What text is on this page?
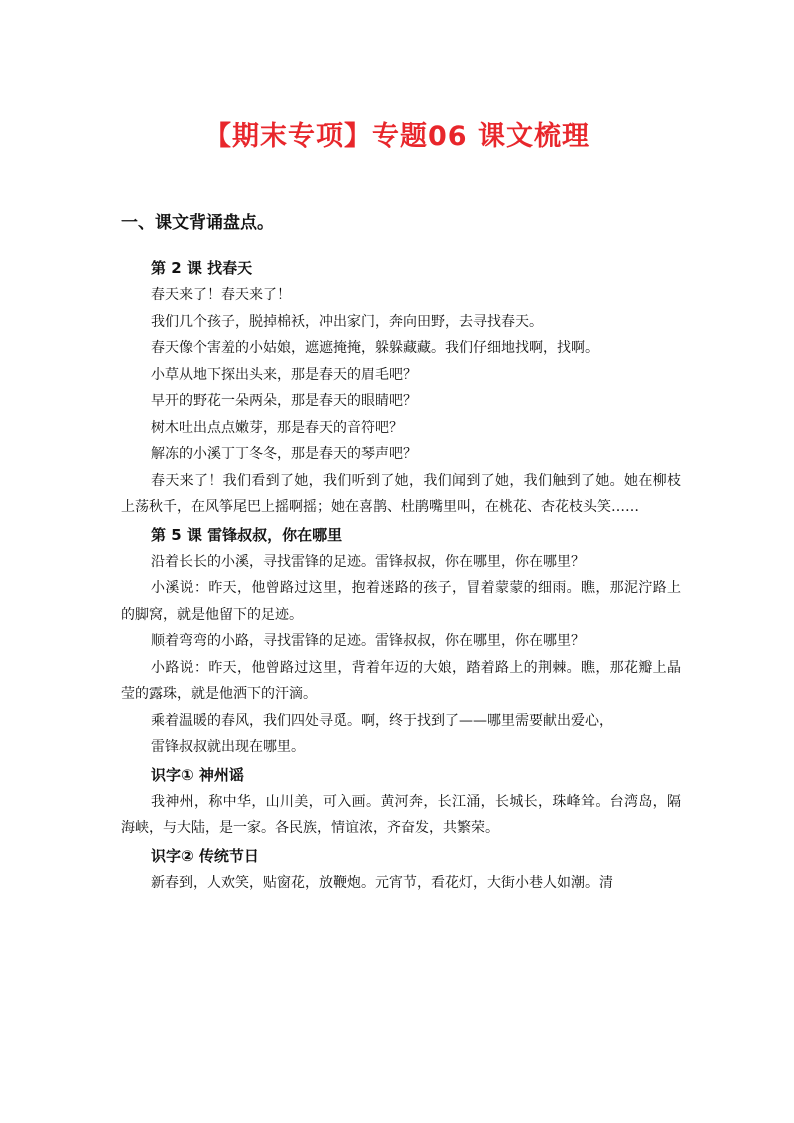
【期末专项】专题06 课文梳理
一、课文背诵盘点。
第 2 课 找春天

春天来了！春天来了！

我们几个孩子，脱掉棉袄，冲出家门，奔向田野，去寻找春天。

春天像个害羞的小姑娘，遮遮掩掩，躲躲藏藏。我们仔细地找啊，找啊。

小草从地下探出头来，那是春天的眉毛吧？

早开的野花一朵两朵，那是春天的眼睛吧？

树木吐出点点嫩芽，那是春天的音符吧？

解冻的小溪丁丁冬冬，那是春天的琴声吧？

春天来了！我们看到了她，我们听到了她，我们闻到了她，我们触到了她。她在柳枝上荡秋千，在风筝尾巴上摇啊摇；她在喜鹊、杜鹃嘴里叫，在桃花、杏花枝头笑……

第 5 课 雷锋叔叔，你在哪里

沿着长长的小溪，寻找雷锋的足迹。雷锋叔叔，你在哪里，你在哪里？

小溪说：昨天，他曾路过这里，抱着迷路的孩子，冒着蒙蒙的细雨。瞧，那泥泞路上的脚窝，就是他留下的足迹。

顺着弯弯的小路，寻找雷锋的足迹。雷锋叔叔，你在哪里，你在哪里？

小路说：昨天，他曾路过这里，背着年迈的大娘，踏着路上的荆棘。瞧，那花瓣上晶莹的露珠，就是他洒下的汗滴。

乘着温暖的春风，我们四处寻觅。啊，终于找到了——哪里需要献出爱心，

雷锋叔叔就出现在哪里。

识字① 神州谣

我神州，称中华，山川美，可入画。黄河奔，长江涌，长城长，珠峰耸。台湾岛，隔海峡，与大陆，是一家。各民族，情谊浓，齐奋发，共繁荣。

识字② 传统节日

新春到，人欢笑，贴窗花，放鞭炮。元宵节，看花灯，大街小巷人如潮。清
